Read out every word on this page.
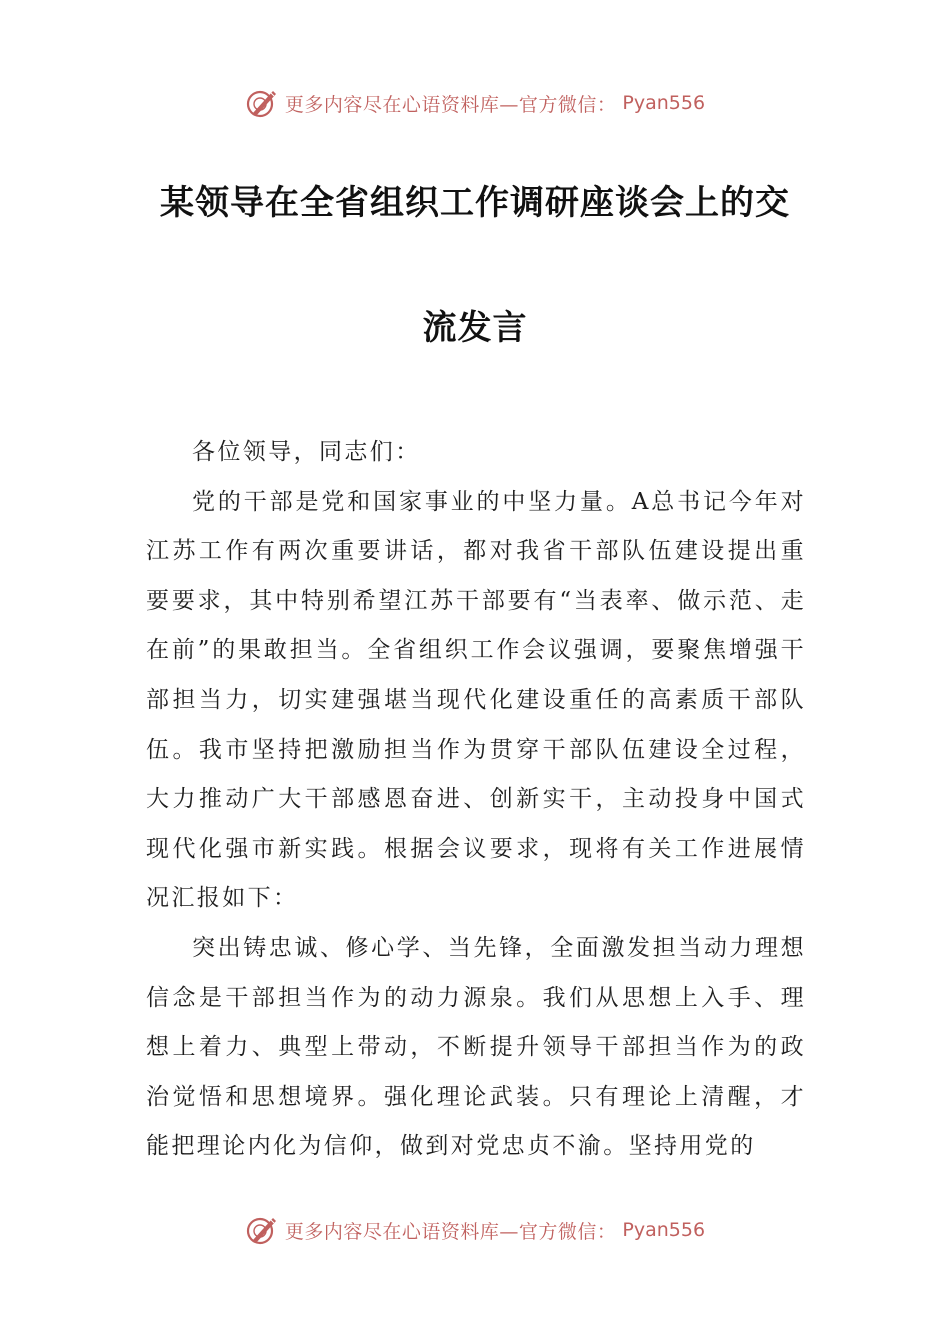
更多内容尽在心语资料库—官方微信： Pyan556
某领导在全省组织工作调研座谈会上的交
流发言

各位领导，同志们：

党的干部是党和国家事业的中坚力量。A总书记今年对江苏工作有两次重要讲话，都对我省干部队伍建设提出重要要求，其中特别希望江苏干部要有“当表率、做示范、走在前”的果敢担当。全省组织工作会议强调，要聚焦增强干部担当力，切实建强堪当现代化建设重任的高素质干部队伍。我市坚持把激励担当作为贯穿干部队伍建设全过程，大力推动广大干部感恩奋进、创新实干，主动投身中国式现代化强市新实践。根据会议要求，现将有关工作进展情况汇报如下：

突出铸忠诚、修心学、当先锋，全面激发担当动力理想信念是干部担当作为的动力源泉。我们从思想上入手、理想上着力、典型上带动，不断提升领导干部担当作为的政治觉悟和思想境界。强化理论武装。只有理论上清醒，才能把理论内化为信仰，做到对党忠贞不渝。坚持用党的

更多内容尽在心语资料库—官方微信： Pyan556
